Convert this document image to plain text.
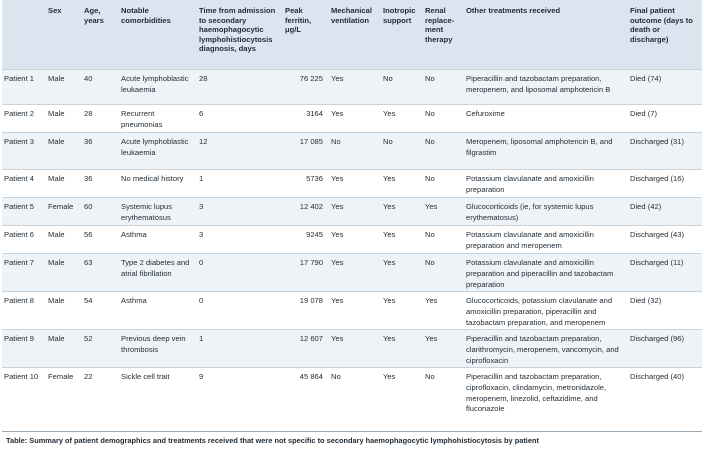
	Sex	Age, years	Notable comorbidities	Time from admission to secondary haemophagocytic lymphohistiocytosis diagnosis, days	Peak ferritin, μg/L	Mechanical ventilation	Inotropic support	Renal replace-ment therapy	Other treatments received	Final patient outcome (days to death or discharge)
Patient 1	Male	40	Acute lymphoblastic leukaemia	28	76 225	Yes	No	No	Piperacillin and tazobactam preparation, meropenem, and liposomal amphotericin B	Died (74)
Patient 2	Male	28	Recurrent pneumonias	6	3164	Yes	Yes	No	Cefuroxime	Died (7)
Patient 3	Male	36	Acute lymphoblastic leukaemia	12	17 085	No	No	No	Meropenem, liposomal amphotericin B, and filgrastim	Discharged (31)
Patient 4	Male	36	No medical history	1	5736	Yes	Yes	No	Potassium clavulanate and amoxicillin preparation	Discharged (16)
Patient 5	Female	60	Systemic lupus erythematosus	3	12 402	Yes	Yes	Yes	Glucocorticoids (ie, for systemic lupus erythematosus)	Died (42)
Patient 6	Male	56	Asthma	3	9245	Yes	Yes	No	Potassium clavulanate and amoxicillin preparation and meropenem	Discharged (43)
Patient 7	Male	63	Type 2 diabetes and atrial fibrillation	0	17 790	Yes	Yes	No	Potassium clavulanate and amoxicillin preparation and piperacillin and tazobactam preparation	Discharged (11)
Patient 8	Male	54	Asthma	0	19 078	Yes	Yes	Yes	Glucocorticoids, potassium clavulanate and amoxicillin preparation, piperacillin and tazobactam preparation, and meropenem	Died (32)
Patient 9	Male	52	Previous deep vein thrombosis	1	12 607	Yes	Yes	Yes	Piperacillin and tazobactam preparation, clarithromycin, meropenem, vancomycin, and ciprofloxacin	Discharged (96)
Patient 10	Female	22	Sickle cell trait	9	45 864	No	Yes	No	Piperacillin and tazobactam preparation, ciprofloxacin, clindamycin, metronidazole, meropenem, linezolid, ceftazidime, and fluconazole	Discharged (40)
Table: Summary of patient demographics and treatments received that were not specific to secondary haemophagocytic lymphohistiocytosis by patient
